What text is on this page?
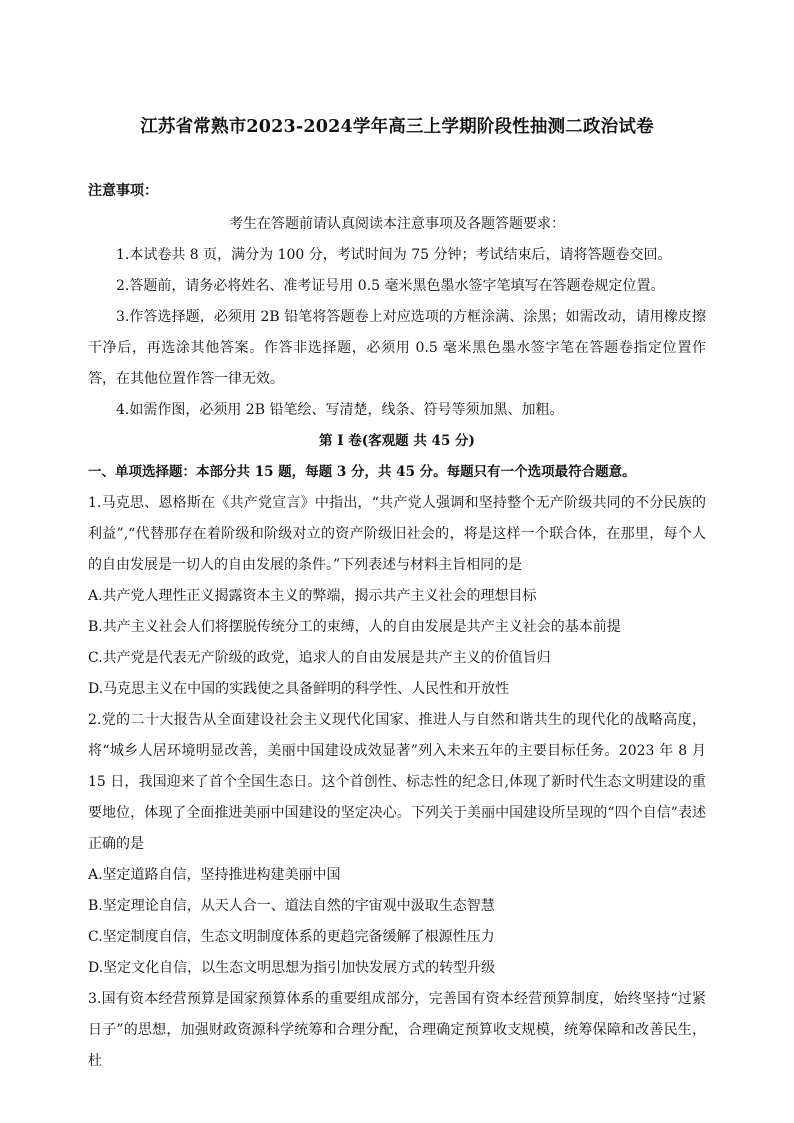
江苏省常熟市2023-2024学年高三上学期阶段性抽测二政治试卷

注意事项：

考生在答题前请认真阅读本注意事项及各题答题要求：

1.本试卷共 8 页，满分为 100 分，考试时间为 75 分钟；考试结束后，请将答题卷交回。

2.答题前，请务必将姓名、准考证号用 0.5 毫米黑色墨水签字笔填写在答题卷规定位置。

3.作答选择题，必须用 2B 铅笔将答题卷上对应选项的方框涂满、涂黑；如需改动，请用橡皮擦干净后，再选涂其他答案。作答非选择题，必须用 0.5 毫米黑色墨水签字笔在答题卷指定位置作答，在其他位置作答一律无效。

4.如需作图，必须用 2B 铅笔绘、写清楚，线条、符号等须加黑、加粗。

第 I 卷(客观题 共 45 分)

一、单项选择题：本部分共 15 题，每题 3 分，共 45 分。每题只有一个选项最符合题意。

1.马克思、恩格斯在《共产党宣言》中指出，“共产党人强调和坚持整个无产阶级共同的不分民族的利益”,“代替那存在着阶级和阶级对立的资产阶级旧社会的，将是这样一个联合体，在那里，每个人的自由发展是一切人的自由发展的条件。”下列表述与材料主旨相同的是

A.共产党人理性正义揭露资本主义的弊端，揭示共产主义社会的理想目标

B.共产主义社会人们将摆脱传统分工的束缚，人的自由发展是共产主义社会的基本前提

C.共产党是代表无产阶级的政党，追求人的自由发展是共产主义的价值旨归

D.马克思主义在中国的实践使之具备鲜明的科学性、人民性和开放性

2.党的二十大报告从全面建设社会主义现代化国家、推进人与自然和谐共生的现代化的战略高度，将“城乡人居环境明显改善，美丽中国建设成效显著”列入未来五年的主要目标任务。2023 年 8 月 15 日，我国迎来了首个全国生态日。这个首创性、标志性的纪念日,体现了新时代生态文明建设的重要地位，体现了全面推进美丽中国建设的坚定决心。下列关于美丽中国建设所呈现的“四个自信”表述正确的是

A.坚定道路自信，坚持推进构建美丽中国

B.坚定理论自信，从天人合一、道法自然的宇宙观中汲取生态智慧

C.坚定制度自信，生态文明制度体系的更趋完备缓解了根源性压力

D.坚定文化自信，以生态文明思想为指引加快发展方式的转型升级

3.国有资本经营预算是国家预算体系的重要组成部分，完善国有资本经营预算制度，始终坚持“过紧日子”的思想，加强财政资源科学统筹和合理分配，合理确定预算收支规模，统筹保障和改善民生，杜
